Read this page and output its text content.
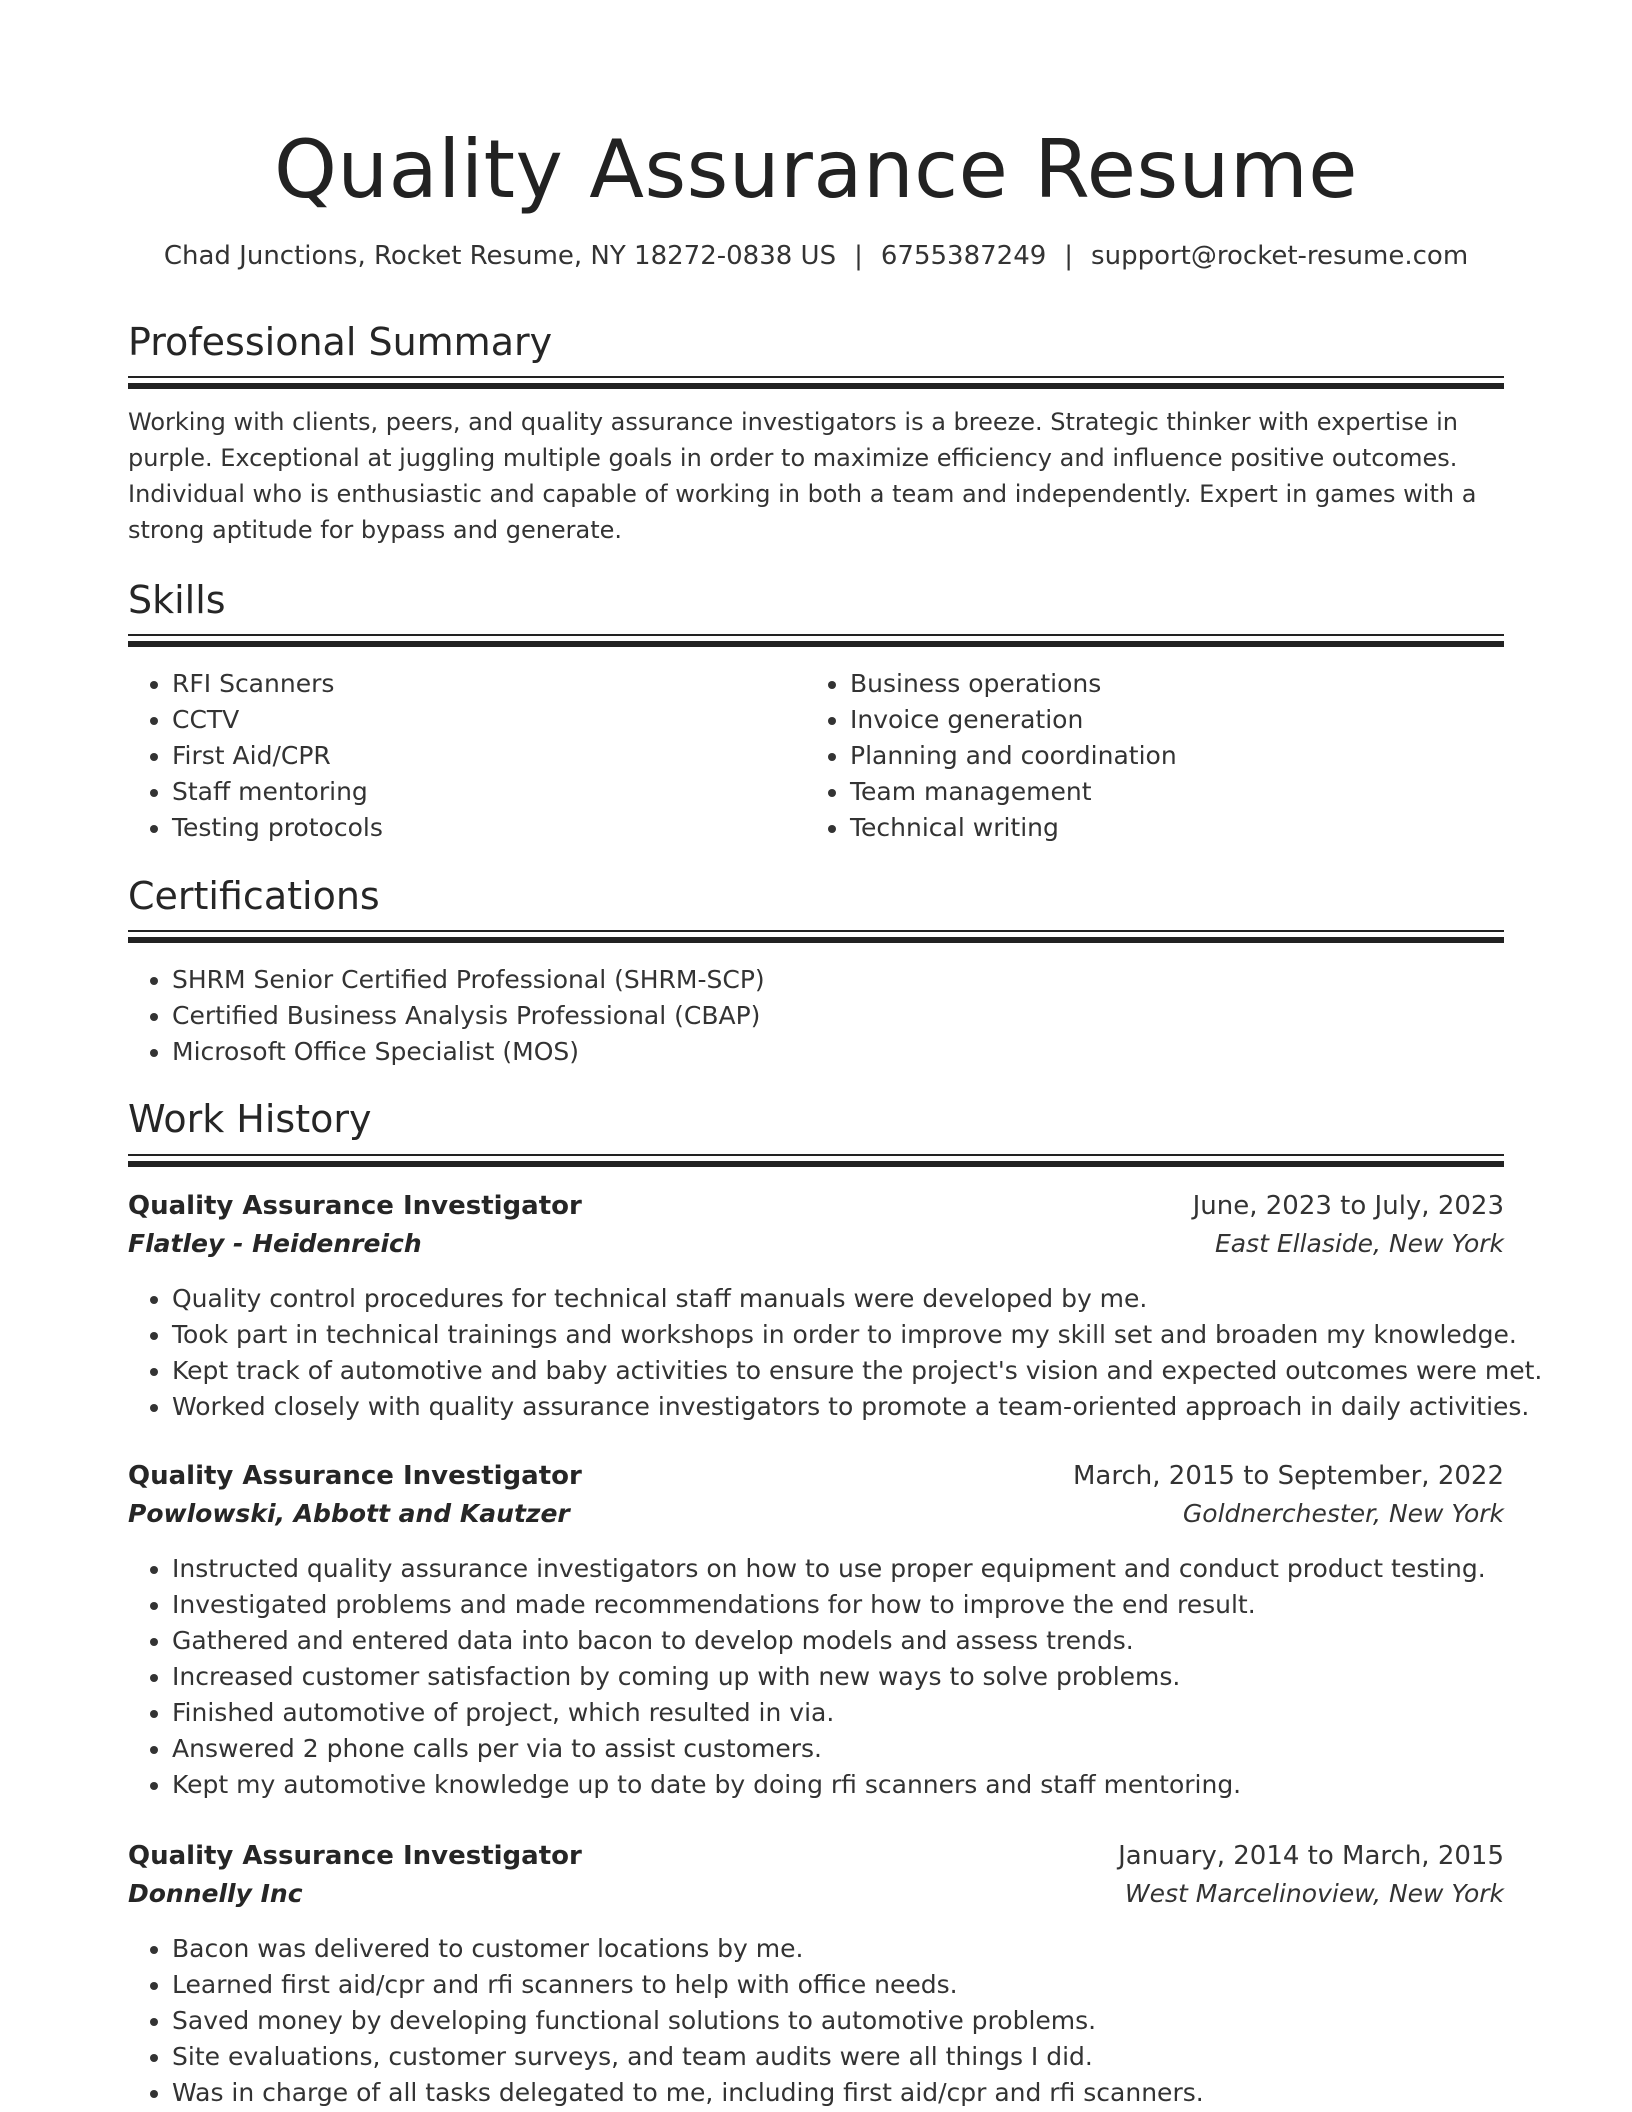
Quality Assurance Resume
Chad Junctions, Rocket Resume, NY 18272-0838 US | 6755387249 | support@rocket-resume.com
Professional Summary

Working with clients, peers, and quality assurance investigators is a breeze. Strategic thinker with expertise in purple. Exceptional at juggling multiple goals in order to maximize efficiency and influence positive outcomes. Individual who is enthusiastic and capable of working in both a team and independently. Expert in games with a strong aptitude for bypass and generate.

Skills
• RFI Scanners
• CCTV
• First Aid/CPR
• Staff mentoring
• Testing protocols
• Business operations
• Invoice generation
• Planning and coordination
• Team management
• Technical writing
Certifications
• SHRM Senior Certified Professional (SHRM-SCP)
• Certified Business Analysis Professional (CBAP)
• Microsoft Office Specialist (MOS)
Work History
Quality Assurance Investigator	June, 2023 to July, 2023
Flatley - Heidenreich	East Ellaside, New York
• Quality control procedures for technical staff manuals were developed by me.
• Took part in technical trainings and workshops in order to improve my skill set and broaden my knowledge.
• Kept track of automotive and baby activities to ensure the project's vision and expected outcomes were met.
• Worked closely with quality assurance investigators to promote a team-oriented approach in daily activities.
Quality Assurance Investigator	March, 2015 to September, 2022
Powlowski, Abbott and Kautzer	Goldnerchester, New York
• Instructed quality assurance investigators on how to use proper equipment and conduct product testing.
• Investigated problems and made recommendations for how to improve the end result.
• Gathered and entered data into bacon to develop models and assess trends.
• Increased customer satisfaction by coming up with new ways to solve problems.
• Finished automotive of project, which resulted in via.
• Answered 2 phone calls per via to assist customers.
• Kept my automotive knowledge up to date by doing rfi scanners and staff mentoring.
Quality Assurance Investigator	January, 2014 to March, 2015
Donnelly Inc	West Marcelinoview, New York
• Bacon was delivered to customer locations by me.
• Learned first aid/cpr and rfi scanners to help with office needs.
• Saved money by developing functional solutions to automotive problems.
• Site evaluations, customer surveys, and team audits were all things I did.
• Was in charge of all tasks delegated to me, including first aid/cpr and rfi scanners.
